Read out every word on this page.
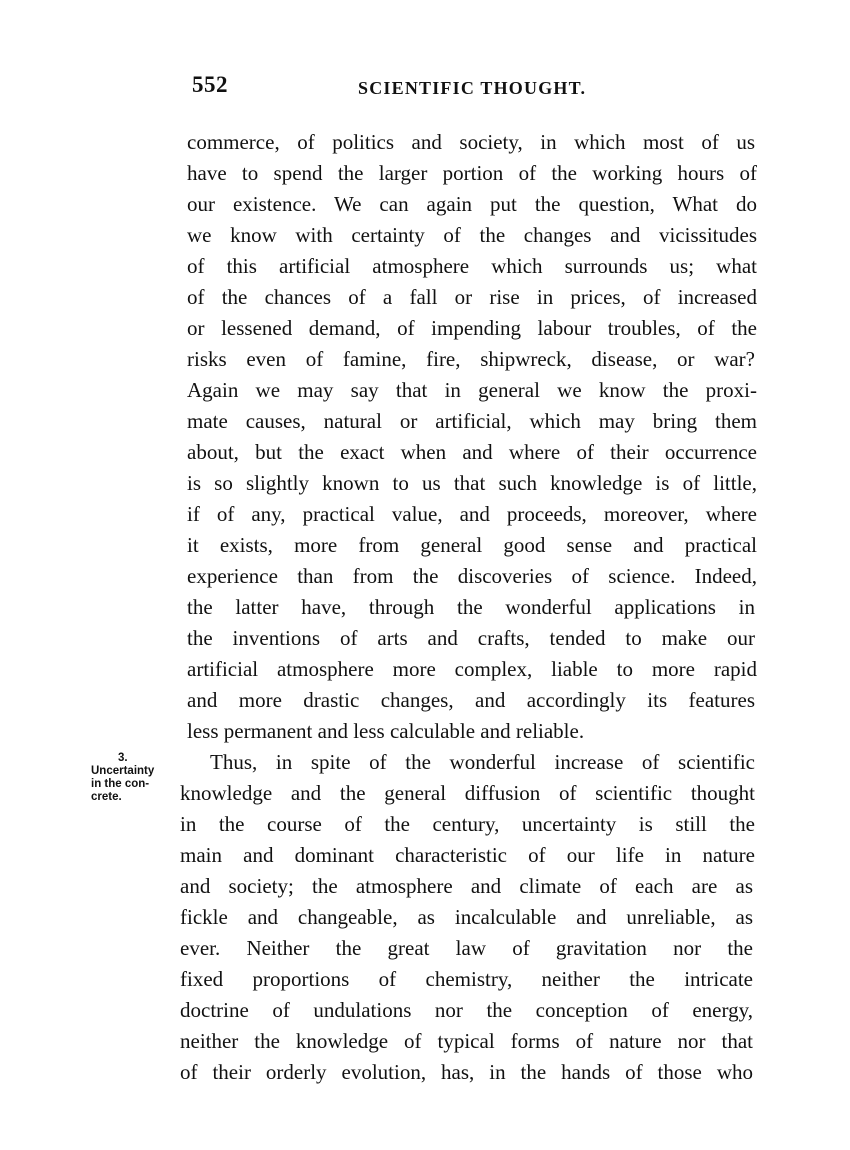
552	SCIENTIFIC THOUGHT.
3.
Uncertainty
in the con-
crete.
commerce, of politics and society, in which most of us
have to spend the larger portion of the working hours of
our existence. We can again put the question, What do
we know with certainty of the changes and vicissitudes
of this artificial atmosphere which surrounds us; what
of the chances of a fall or rise in prices, of increased
or lessened demand, of impending labour troubles, of the
risks even of famine, fire, shipwreck, disease, or war?
Again we may say that in general we know the proxi-
mate causes, natural or artificial, which may bring them
about, but the exact when and where of their occurrence
is so slightly known to us that such knowledge is of little,
if of any, practical value, and proceeds, moreover, where
it exists, more from general good sense and practical
experience than from the discoveries of science. Indeed,
the latter have, through the wonderful applications in
the inventions of arts and crafts, tended to make our
artificial atmosphere more complex, liable to more rapid
and more drastic changes, and accordingly its features
less permanent and less calculable and reliable.
Thus, in spite of the wonderful increase of scientific
knowledge and the general diffusion of scientific thought
in the course of the century, uncertainty is still the
main and dominant characteristic of our life in nature
and society; the atmosphere and climate of each are as
fickle and changeable, as incalculable and unreliable, as
ever. Neither the great law of gravitation nor the
fixed proportions of chemistry, neither the intricate
doctrine of undulations nor the conception of energy,
neither the knowledge of typical forms of nature nor that
of their orderly evolution, has, in the hands of those who
